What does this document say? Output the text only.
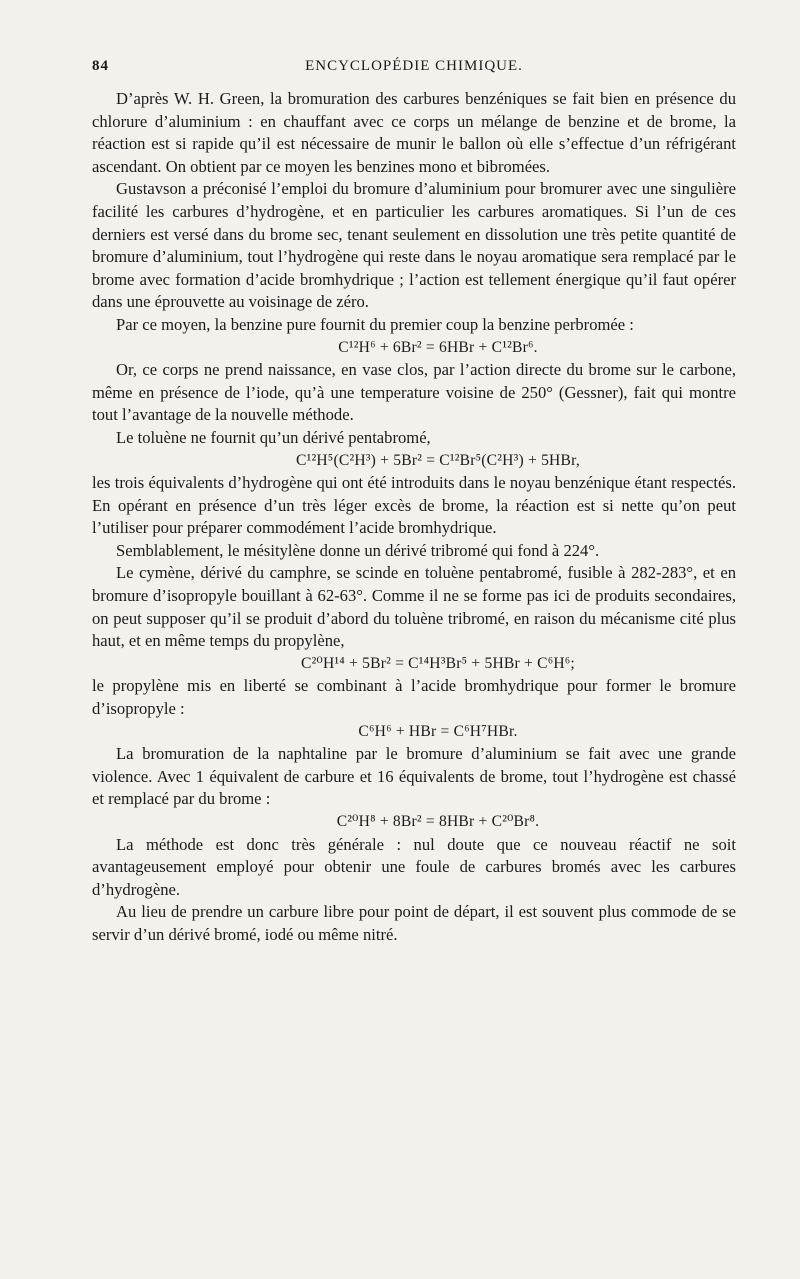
84	ENCYCLOPÉDIE CHIMIQUE.

D’après W. H. Green, la bromuration des carbures benzéniques se fait bien en présence du chlorure d’aluminium : en chauffant avec ce corps un mélange de benzine et de brome, la réaction est si rapide qu’il est nécessaire de munir le ballon où elle s’effectue d’un réfrigérant ascendant. On obtient par ce moyen les benzines mono et bibromées.

Gustavson a préconisé l’emploi du bromure d’aluminium pour bromurer avec une singulière facilité les carbures d’hydrogène, et en particulier les carbures aromatiques. Si l’un de ces derniers est versé dans du brome sec, tenant seulement en dissolution une très petite quantité de bromure d’aluminium, tout l’hydrogène qui reste dans le noyau aromatique sera remplacé par le brome avec formation d’acide bromhydrique ; l’action est tellement énergique qu’il faut opérer dans une éprouvette au voisinage de zéro.

Par ce moyen, la benzine pure fournit du premier coup la benzine perbromée :

C¹²H⁶ + 6Br² = 6HBr + C¹²Br⁶.

Or, ce corps ne prend naissance, en vase clos, par l’action directe du brome sur le carbone, même en présence de l’iode, qu’à une temperature voisine de 250° (Gessner), fait qui montre tout l’avantage de la nouvelle méthode.

Le toluène ne fournit qu’un dérivé pentabromé,

C¹²H⁵(C²H³) + 5Br² = C¹²Br⁵(C²H³) + 5HBr,

les trois équivalents d’hydrogène qui ont été introduits dans le noyau benzénique étant respectés. En opérant en présence d’un très léger excès de brome, la réaction est si nette qu’on peut l’utiliser pour préparer commodément l’acide bromhydrique.

Semblablement, le mésitylène donne un dérivé tribromé qui fond à 224°.

Le cymène, dérivé du camphre, se scinde en toluène pentabromé, fusible à 282-283°, et en bromure d’isopropyle bouillant à 62-63°. Comme il ne se forme pas ici de produits secondaires, on peut supposer qu’il se produit d’abord du toluène tribromé, en raison du mécanisme cité plus haut, et en même temps du propylène,

C²⁰H¹⁴ + 5Br² = C¹⁴H³Br⁵ + 5HBr + C⁶H⁶;

le propylène mis en liberté se combinant à l’acide bromhydrique pour former le bromure d’isopropyle :

C⁶H⁶ + HBr = C⁶H⁷HBr.

La bromuration de la naphtaline par le bromure d’aluminium se fait avec une grande violence. Avec 1 équivalent de carbure et 16 équivalents de brome, tout l’hydrogène est chassé et remplacé par du brome :

C²⁰H⁸ + 8Br² = 8HBr + C²⁰Br⁸.

La méthode est donc très générale : nul doute que ce nouveau réactif ne soit avantageusement employé pour obtenir une foule de carbures bromés avec les carbures d’hydrogène.

Au lieu de prendre un carbure libre pour point de départ, il est souvent plus commode de se servir d’un dérivé bromé, iodé ou même nitré.
